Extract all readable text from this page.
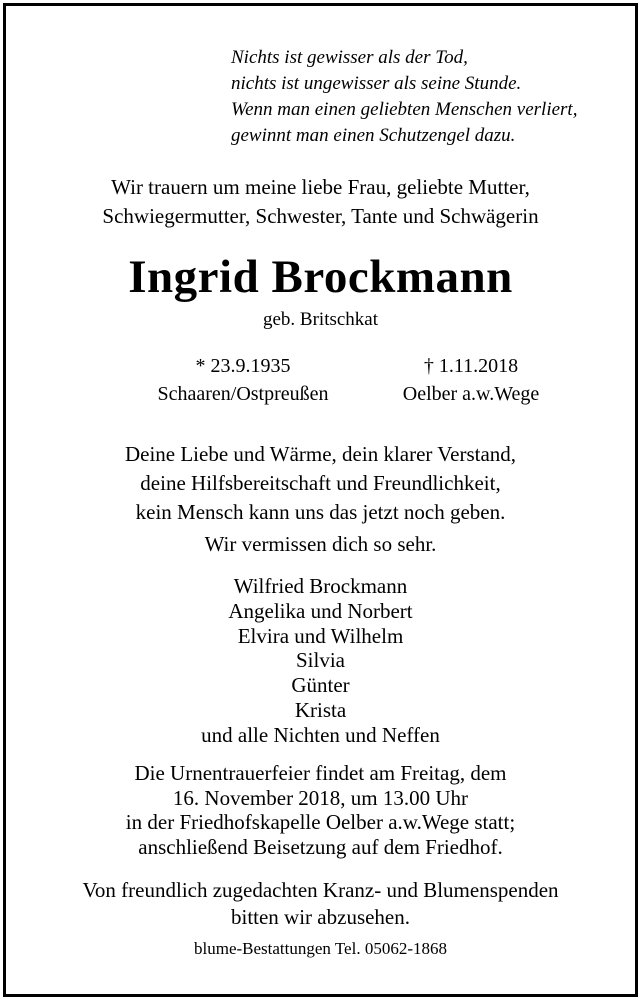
Nichts ist gewisser als der Tod,
nichts ist ungewisser als seine Stunde.
Wenn man einen geliebten Menschen verliert,
gewinnt man einen Schutzengel dazu.
Wir trauern um meine liebe Frau, geliebte Mutter,
Schwiegermutter, Schwester, Tante und Schwägerin
Ingrid Brockmann
geb. Britschkat
* 23.9.1935
Schaaren/Ostpreußen
† 1.11.2018
Oelber a.w.Wege
Deine Liebe und Wärme, dein klarer Verstand,
deine Hilfsbereitschaft und Freundlichkeit,
kein Mensch kann uns das jetzt noch geben.
Wir vermissen dich so sehr.
Wilfried Brockmann
Angelika und Norbert
Elvira und Wilhelm
Silvia
Günter
Krista
und alle Nichten und Neffen
Die Urnentrauerfeier findet am Freitag, dem
16. November 2018, um 13.00 Uhr
in der Friedhofskapelle Oelber a.w.Wege statt;
anschließend Beisetzung auf dem Friedhof.
Von freundlich zugedachten Kranz- und Blumenspenden
bitten wir abzusehen.
blume-Bestattungen Tel. 05062-1868
